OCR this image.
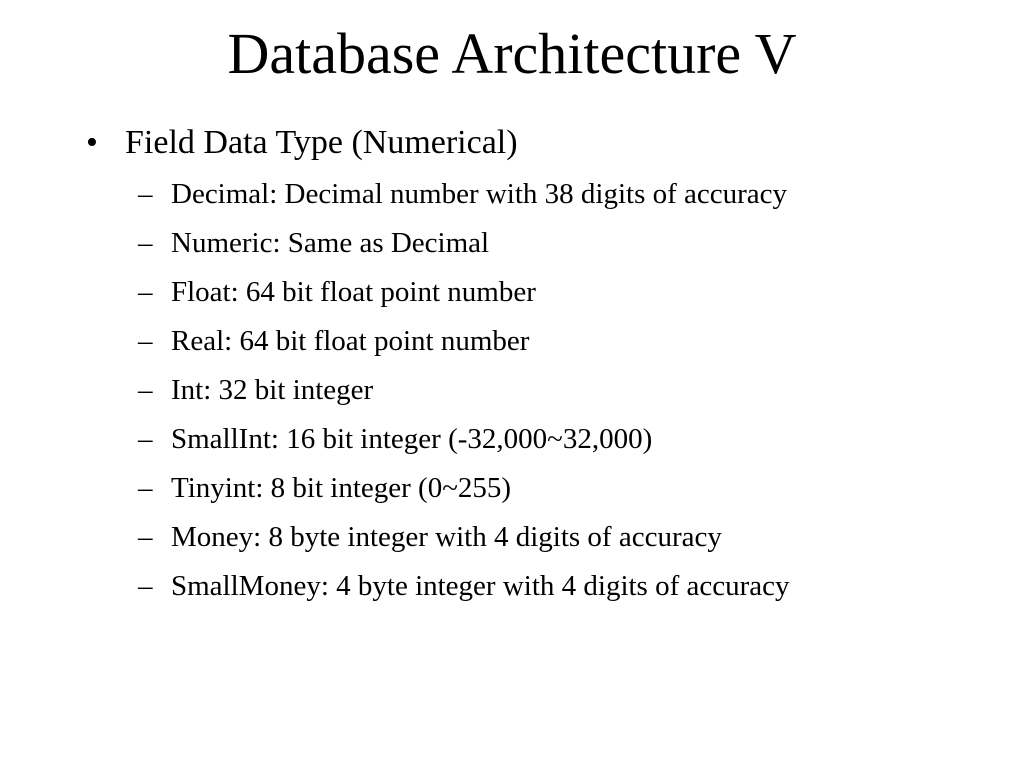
Database Architecture V
• Field Data Type (Numerical)
– Decimal: Decimal number with 38 digits of accuracy
– Numeric: Same as Decimal
– Float: 64 bit float point number
– Real: 64 bit float point number
– Int: 32 bit integer
– SmallInt: 16 bit integer (-32,000~32,000)
– Tinyint: 8 bit integer (0~255)
– Money: 8 byte integer with 4 digits of accuracy
– SmallMoney: 4 byte integer with 4 digits of accuracy
